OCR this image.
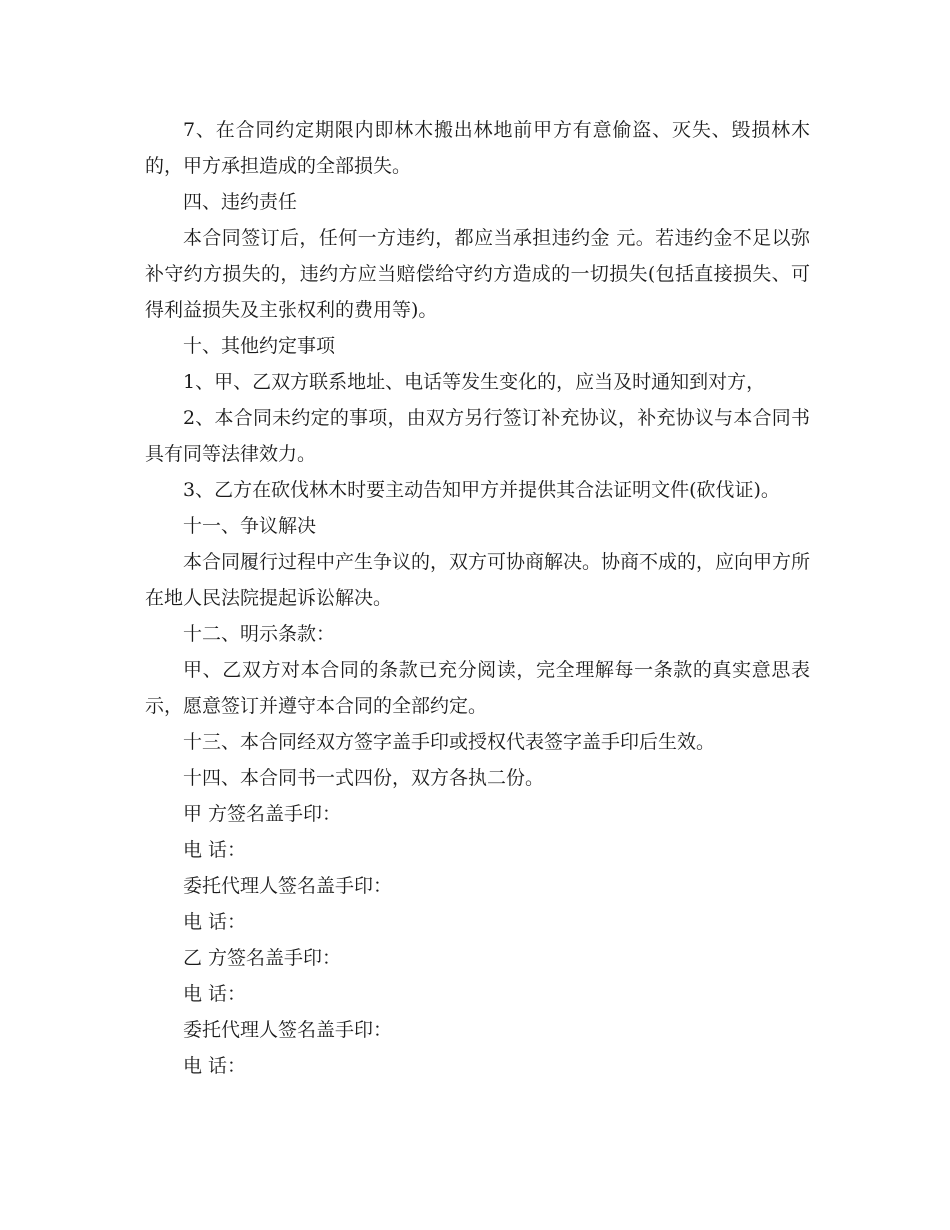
7、在合同约定期限内即林木搬出林地前甲方有意偷盗、灭失、毁损林木的，甲方承担造成的全部损失。

四、违约责任

本合同签订后，任何一方违约，都应当承担违约金 元。若违约金不足以弥补守约方损失的，违约方应当赔偿给守约方造成的一切损失(包括直接损失、可得利益损失及主张权利的费用等)。

十、其他约定事项

1、甲、乙双方联系地址、电话等发生变化的，应当及时通知到对方，

2、本合同未约定的事项，由双方另行签订补充协议，补充协议与本合同书具有同等法律效力。

3、乙方在砍伐林木时要主动告知甲方并提供其合法证明文件(砍伐证)。

十一、争议解决

本合同履行过程中产生争议的，双方可协商解决。协商不成的，应向甲方所在地人民法院提起诉讼解决。

十二、明示条款：

甲、乙双方对本合同的条款已充分阅读，完全理解每一条款的真实意思表示，愿意签订并遵守本合同的全部约定。

十三、本合同经双方签字盖手印或授权代表签字盖手印后生效。

十四、本合同书一式四份，双方各执二份。

甲 方签名盖手印：

电 话：

委托代理人签名盖手印：

电 话：

乙 方签名盖手印：

电 话：

委托代理人签名盖手印：

电 话：
